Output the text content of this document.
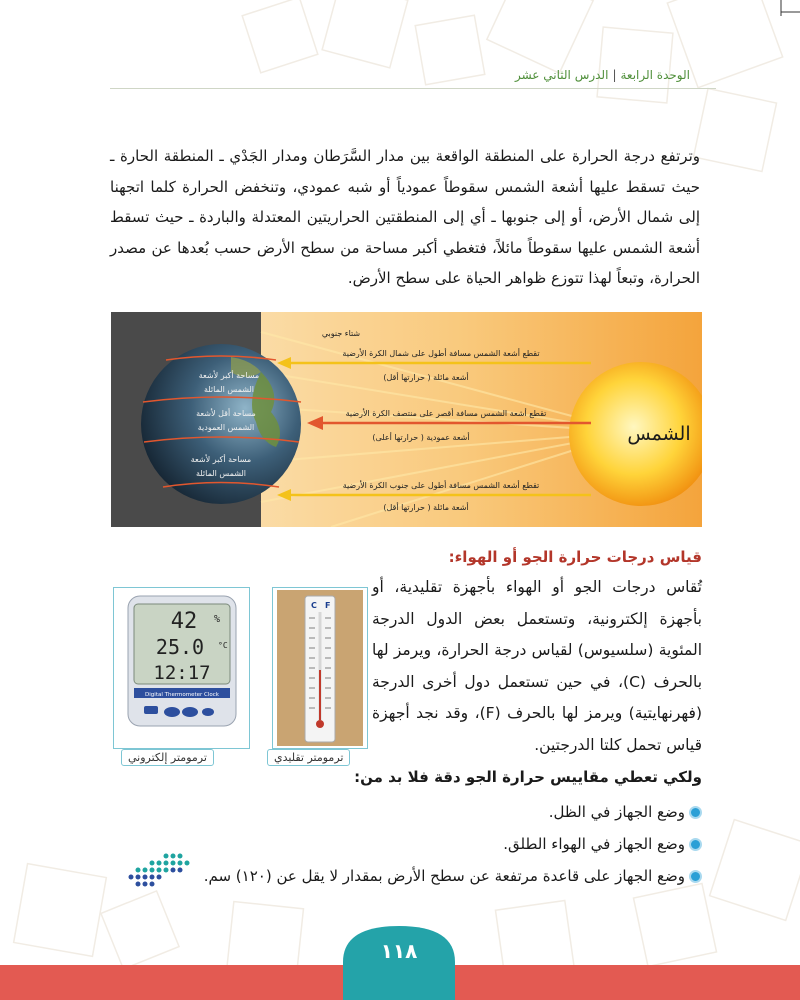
الوحدة الرابعة|الدرس الثاني عشر
وترتفع درجة الحرارة على المنطقة الواقعة بين مدار السَّرَطان ومدار الجَدْي ـ المنطقة الحارة ـ حيث تسقط عليها أشعة الشمس سقوطاً عمودياً أو شبه عمودي، وتنخفض الحرارة كلما اتجهنا إلى شمال الأرض، أو إلى جنوبها ـ أي إلى المنطقتين الحراريتين المعتدلة والباردة ـ حيث تسقط أشعة الشمس عليها سقوطاً مائلاً، فتغطي أكبر مساحة من سطح الأرض حسب بُعدها عن مصدر الحرارة، وتبعاً لهذا تتوزع ظواهر الحياة على سطح الأرض.
الشمس
شتاء جنوبي
تقطع أشعة الشمس مسافة أطول على شمال الكرة الأرضية
أشعة مائلة ( حرارتها أقل)
تقطع أشعة الشمس مسافة أقصر على منتصف الكرة الأرضية
أشعة عمودية ( حرارتها أعلى)
تقطع أشعة الشمس مسافة أطول على جنوب الكرة الأرضية
أشعة مائلة ( حرارتها أقل)
مساحة أكبر لأشعة
الشمس المائلة
مساحة أقل لأشعة
الشمس العمودية
مساحة أكبر لأشعة
الشمس المائلة
قياس درجات حرارة الجو أو الهواء:
تُقاس درجات الجو أو الهواء بأجهزة تقليدية، أو بأجهزة إلكترونية، وتستعمل بعض الدول الدرجة المئوية (سلسيوس) لقياس درجة الحرارة، ويرمز لها بالحرف (C)، في حين تستعمل دول أخرى الدرجة (فهرنهايتية) ويرمز لها بالحرف (F)، وقد نجد أجهزة قياس تحمل كلتا الدرجتين.
ولكي تعطي مقاييس حرارة الجو دقة فلا بد من:
وضع الجهاز في الظل.
وضع الجهاز في الهواء الطلق.
وضع الجهاز على قاعدة مرتفعة عن سطح الأرض بمقدار لا يقل عن (١٢٠) سم.
42 %
25.0 °C
12:17
Digital Thermometer Clock
ترمومتر إلكتروني
C F
ترمومتر تقليدي
١١٨
